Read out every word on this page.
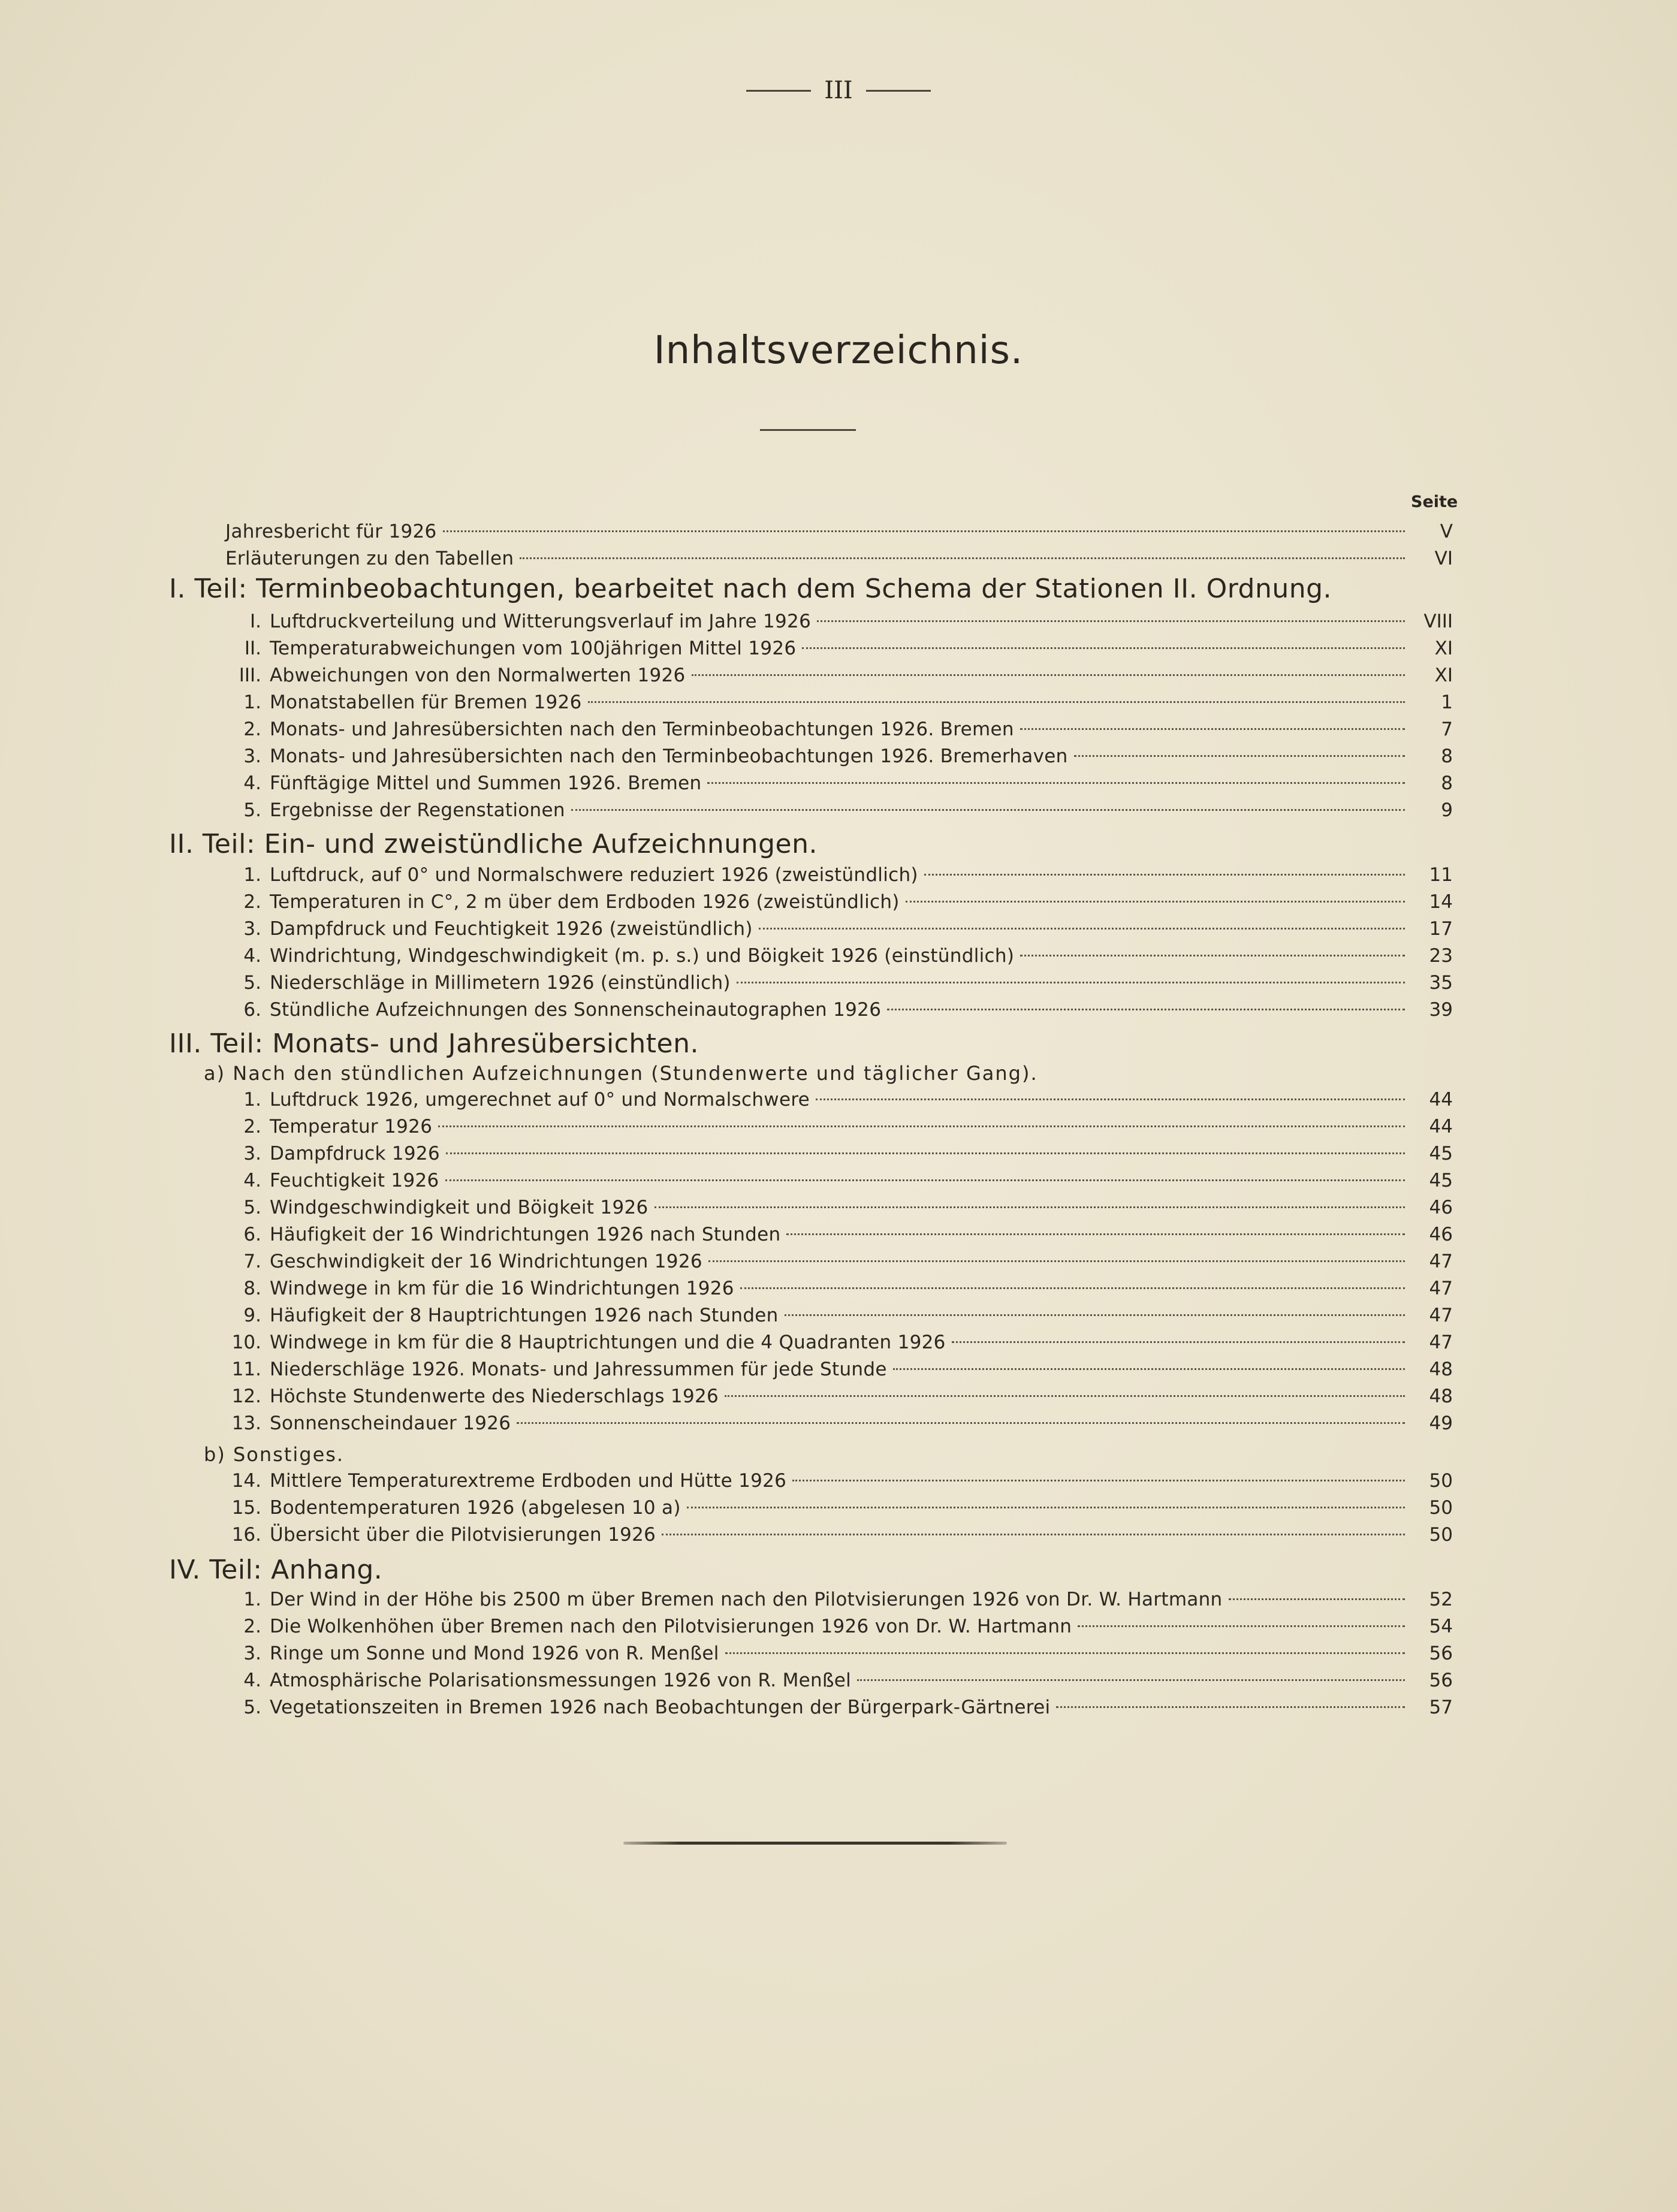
III
Inhaltsverzeichnis.
Seite
Jahresbericht für 1926	V
Erläuterungen zu den Tabellen	VI
I. Teil: Terminbeobachtungen, bearbeitet nach dem Schema der Stationen II. Ordnung.
I. Luftdruckverteilung und Witterungsverlauf im Jahre 1926	VIII
II. Temperaturabweichungen vom 100jährigen Mittel 1926	XI
III. Abweichungen von den Normalwerten 1926	XI
1. Monatstabellen für Bremen 1926	1
2. Monats- und Jahresübersichten nach den Terminbeobachtungen 1926. Bremen	7
3. Monats- und Jahresübersichten nach den Terminbeobachtungen 1926. Bremerhaven	8
4. Fünftägige Mittel und Summen 1926. Bremen	8
5. Ergebnisse der Regenstationen	9
II. Teil: Ein- und zweistündliche Aufzeichnungen.
1. Luftdruck, auf 0° und Normalschwere reduziert 1926 (zweistündlich)	11
2. Temperaturen in C°, 2 m über dem Erdboden 1926 (zweistündlich)	14
3. Dampfdruck und Feuchtigkeit 1926 (zweistündlich)	17
4. Windrichtung, Windgeschwindigkeit (m. p. s.) und Böigkeit 1926 (einstündlich)	23
5. Niederschläge in Millimetern 1926 (einstündlich)	35
6. Stündliche Aufzeichnungen des Sonnenscheinautographen 1926	39
III. Teil: Monats- und Jahresübersichten.
a) Nach den stündlichen Aufzeichnungen (Stundenwerte und täglicher Gang).
1. Luftdruck 1926, umgerechnet auf 0° und Normalschwere	44
2. Temperatur 1926	44
3. Dampfdruck 1926	45
4. Feuchtigkeit 1926	45
5. Windgeschwindigkeit und Böigkeit 1926	46
6. Häufigkeit der 16 Windrichtungen 1926 nach Stunden	46
7. Geschwindigkeit der 16 Windrichtungen 1926	47
8. Windwege in km für die 16 Windrichtungen 1926	47
9. Häufigkeit der 8 Hauptrichtungen 1926 nach Stunden	47
10. Windwege in km für die 8 Hauptrichtungen und die 4 Quadranten 1926	47
11. Niederschläge 1926. Monats- und Jahressummen für jede Stunde	48
12. Höchste Stundenwerte des Niederschlags 1926	48
13. Sonnenscheindauer 1926	49
b) Sonstiges.
14. Mittlere Temperaturextreme Erdboden und Hütte 1926	50
15. Bodentemperaturen 1926 (abgelesen 10 a)	50
16. Übersicht über die Pilotvisierungen 1926	50
IV. Teil: Anhang.
1. Der Wind in der Höhe bis 2500 m über Bremen nach den Pilotvisierungen 1926 von Dr. W. Hartmann	52
2. Die Wolkenhöhen über Bremen nach den Pilotvisierungen 1926 von Dr. W. Hartmann	54
3. Ringe um Sonne und Mond 1926 von R. Menßel	56
4. Atmosphärische Polarisationsmessungen 1926 von R. Menßel	56
5. Vegetationszeiten in Bremen 1926 nach Beobachtungen der Bürgerpark-Gärtnerei	57
